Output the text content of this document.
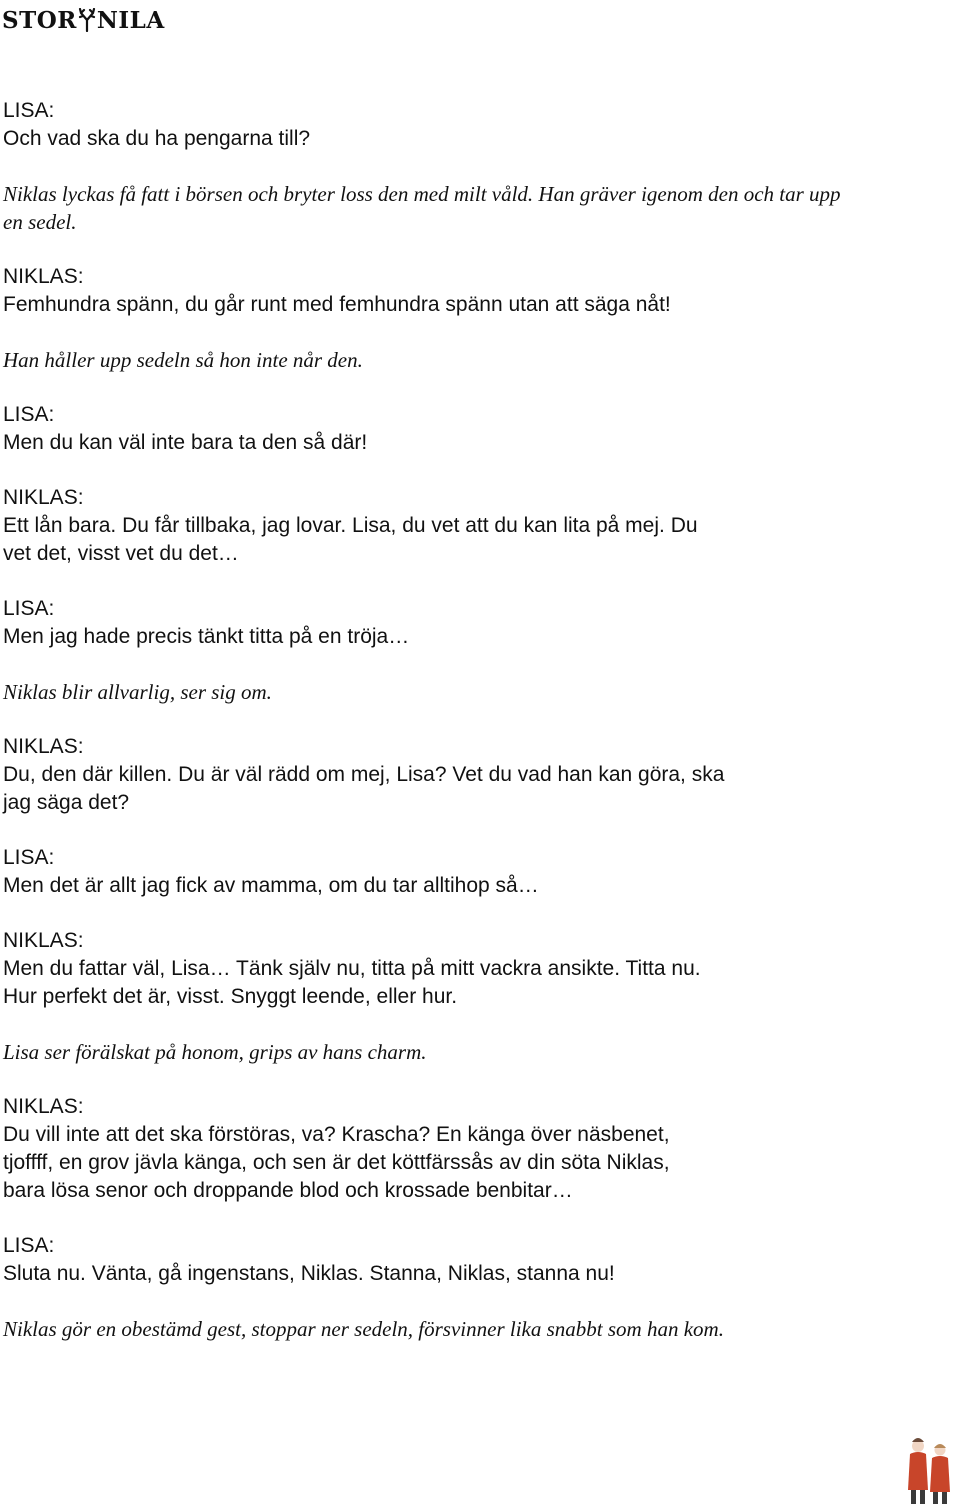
STOR NILA
LISA:
Och vad ska du ha pengarna till?
Niklas lyckas få fatt i börsen och bryter loss den med milt våld. Han gräver igenom den och tar upp
en sedel.
NIKLAS:
Femhundra spänn, du går runt med femhundra spänn utan att säga nåt!
Han håller upp sedeln så hon inte når den.
LISA:
Men du kan väl inte bara ta den så där!
NIKLAS:
Ett lån bara. Du får tillbaka, jag lovar. Lisa, du vet att du kan lita på mej. Du
vet det, visst vet du det…
LISA:
Men jag hade precis tänkt titta på en tröja…
Niklas blir allvarlig, ser sig om.
NIKLAS:
Du, den där killen. Du är väl rädd om mej, Lisa? Vet du vad han kan göra, ska
jag säga det?
LISA:
Men det är allt jag fick av mamma, om du tar alltihop så…
NIKLAS:
Men du fattar väl, Lisa… Tänk själv nu, titta på mitt vackra ansikte. Titta nu.
Hur perfekt det är, visst. Snyggt leende, eller hur.
Lisa ser förälskat på honom, grips av hans charm.
NIKLAS:
Du vill inte att det ska förstöras, va? Krascha? En känga över näsbenet,
tjoffff, en grov jävla känga, och sen är det köttfärssås av din söta Niklas,
bara lösa senor och droppande blod och krossade benbitar…
LISA:
Sluta nu. Vänta, gå ingenstans, Niklas. Stanna, Niklas, stanna nu!
Niklas gör en obestämd gest, stoppar ner sedeln, försvinner lika snabbt som han kom.
